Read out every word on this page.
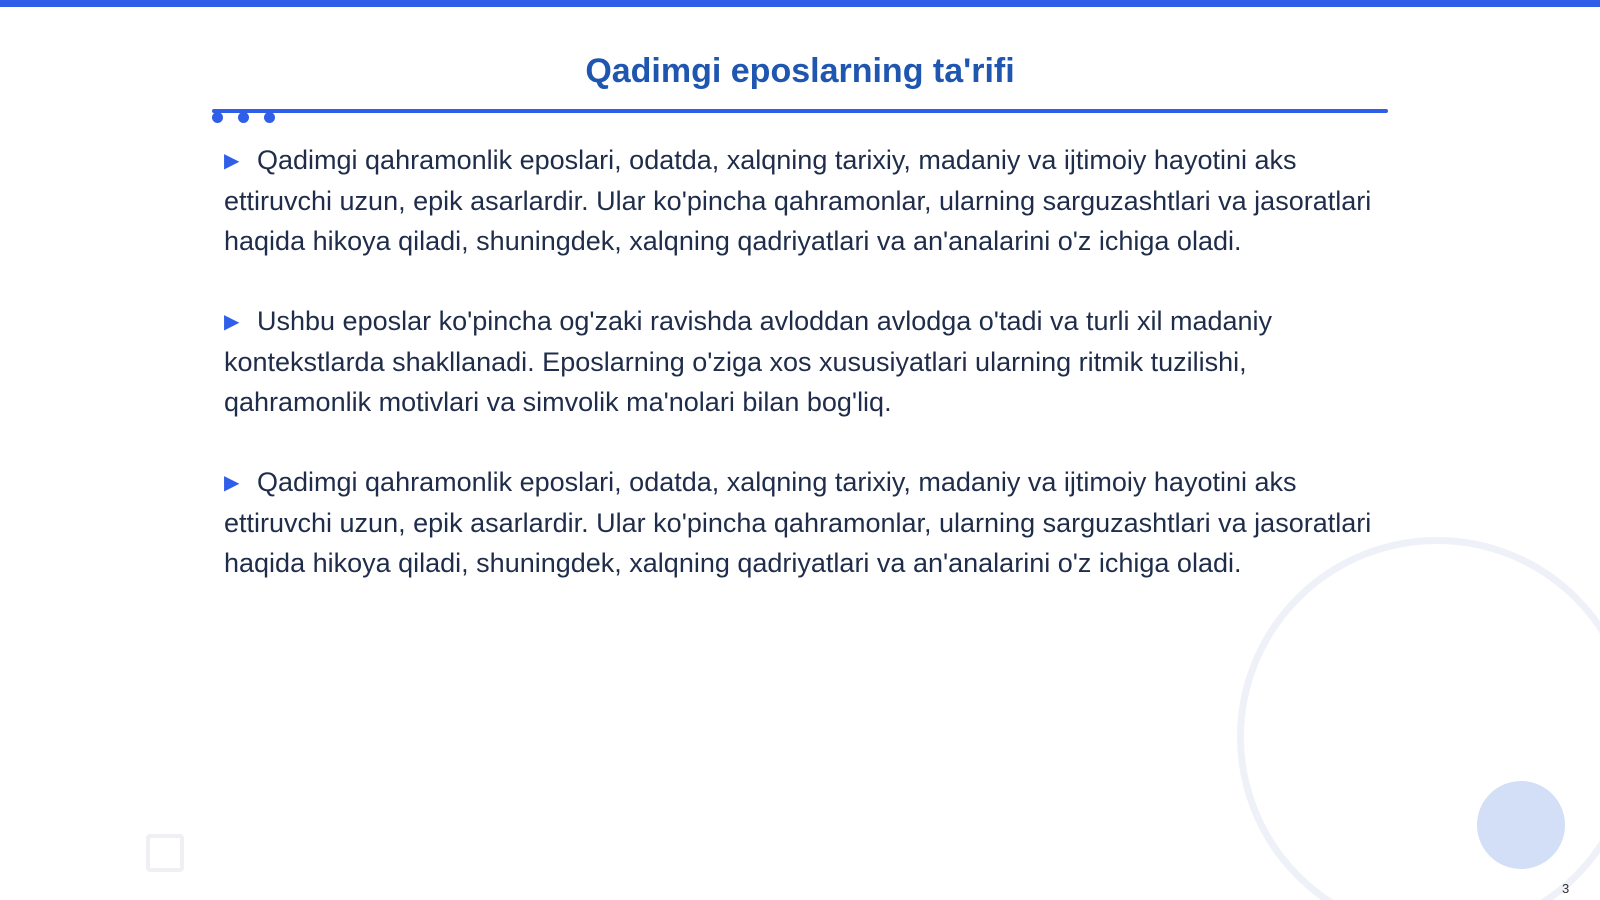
Qadimgi eposlarning ta'rifi

▶ Qadimgi qahramonlik eposlari, odatda, xalqning tarixiy, madaniy va ijtimoiy hayotini aks ettiruvchi uzun, epik asarlardir. Ular ko'pincha qahramonlar, ularning sarguzashtlari va jasoratlari haqida hikoya qiladi, shuningdek, xalqning qadriyatlari va an'analarini o'z ichiga oladi.

▶ Ushbu eposlar ko'pincha og'zaki ravishda avloddan avlodga o'tadi va turli xil madaniy kontekstlarda shakllanadi. Eposlarning o'ziga xos xususiyatlari ularning ritmik tuzilishi, qahramonlik motivlari va simvolik ma'nolari bilan bog'liq.

▶ Qadimgi qahramonlik eposlari, odatda, xalqning tarixiy, madaniy va ijtimoiy hayotini aks ettiruvchi uzun, epik asarlardir. Ular ko'pincha qahramonlar, ularning sarguzashtlari va jasoratlari haqida hikoya qiladi, shuningdek, xalqning qadriyatlari va an'analarini o'z ichiga oladi.

3
